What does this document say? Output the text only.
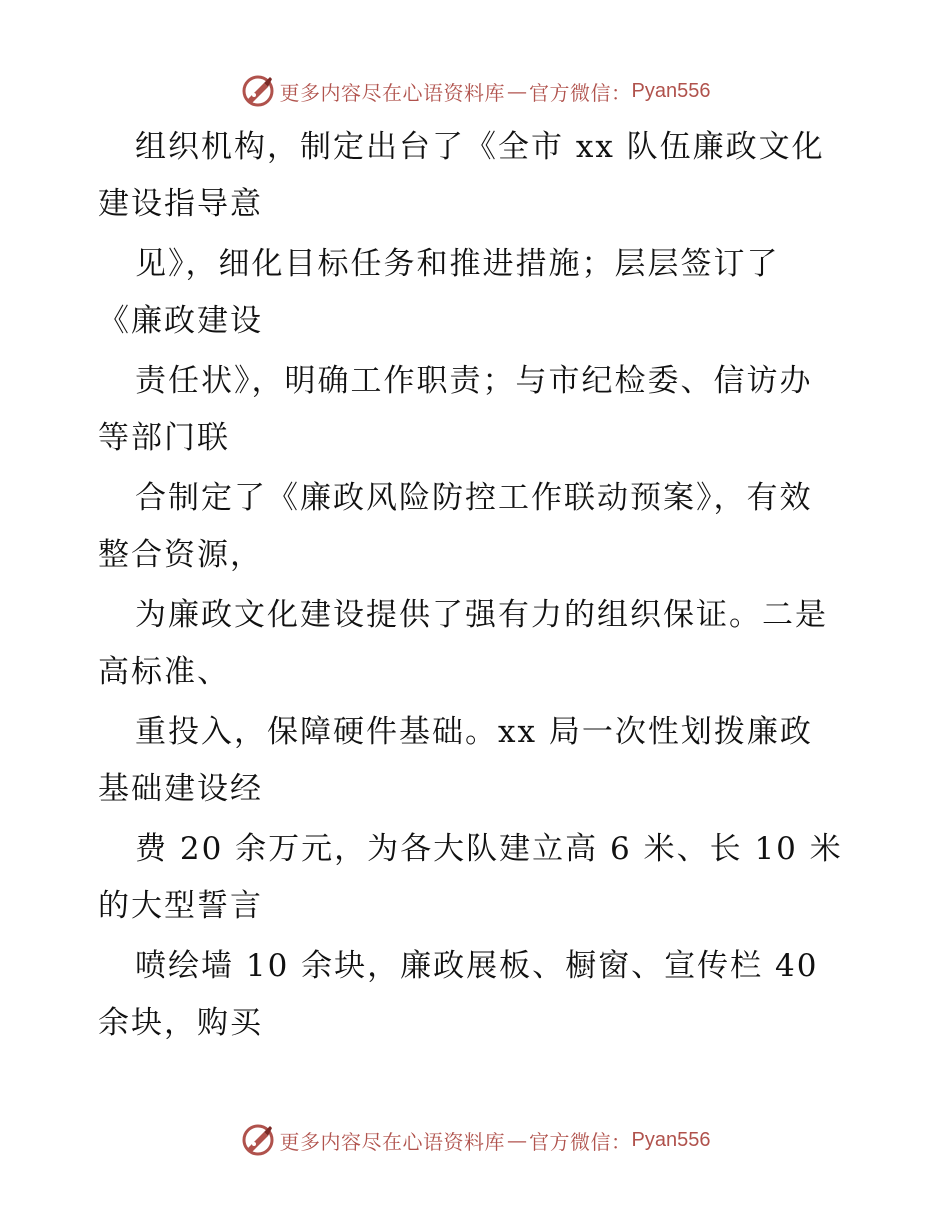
更多内容尽在心语资料库 — 官方微信： Pyan556
组织机构，制定出台了《全市 xx 队伍廉政文化
建设指导意
见》，细化目标任务和推进措施；层层签订了
《廉政建设
责任状》，明确工作职责；与市纪检委、信访办
等部门联
合制定了《廉政风险防控工作联动预案》，有效
整合资源，
为廉政文化建设提供了强有力的组织保证。二是
高标准、
重投入，保障硬件基础。xx 局一次性划拨廉政
基础建设经
费 20 余万元，为各大队建立高 6 米、长 10 米
的大型誓言
喷绘墙 10 余块，廉政展板、橱窗、宣传栏 40
余块，购买
更多内容尽在心语资料库 — 官方微信： Pyan556
